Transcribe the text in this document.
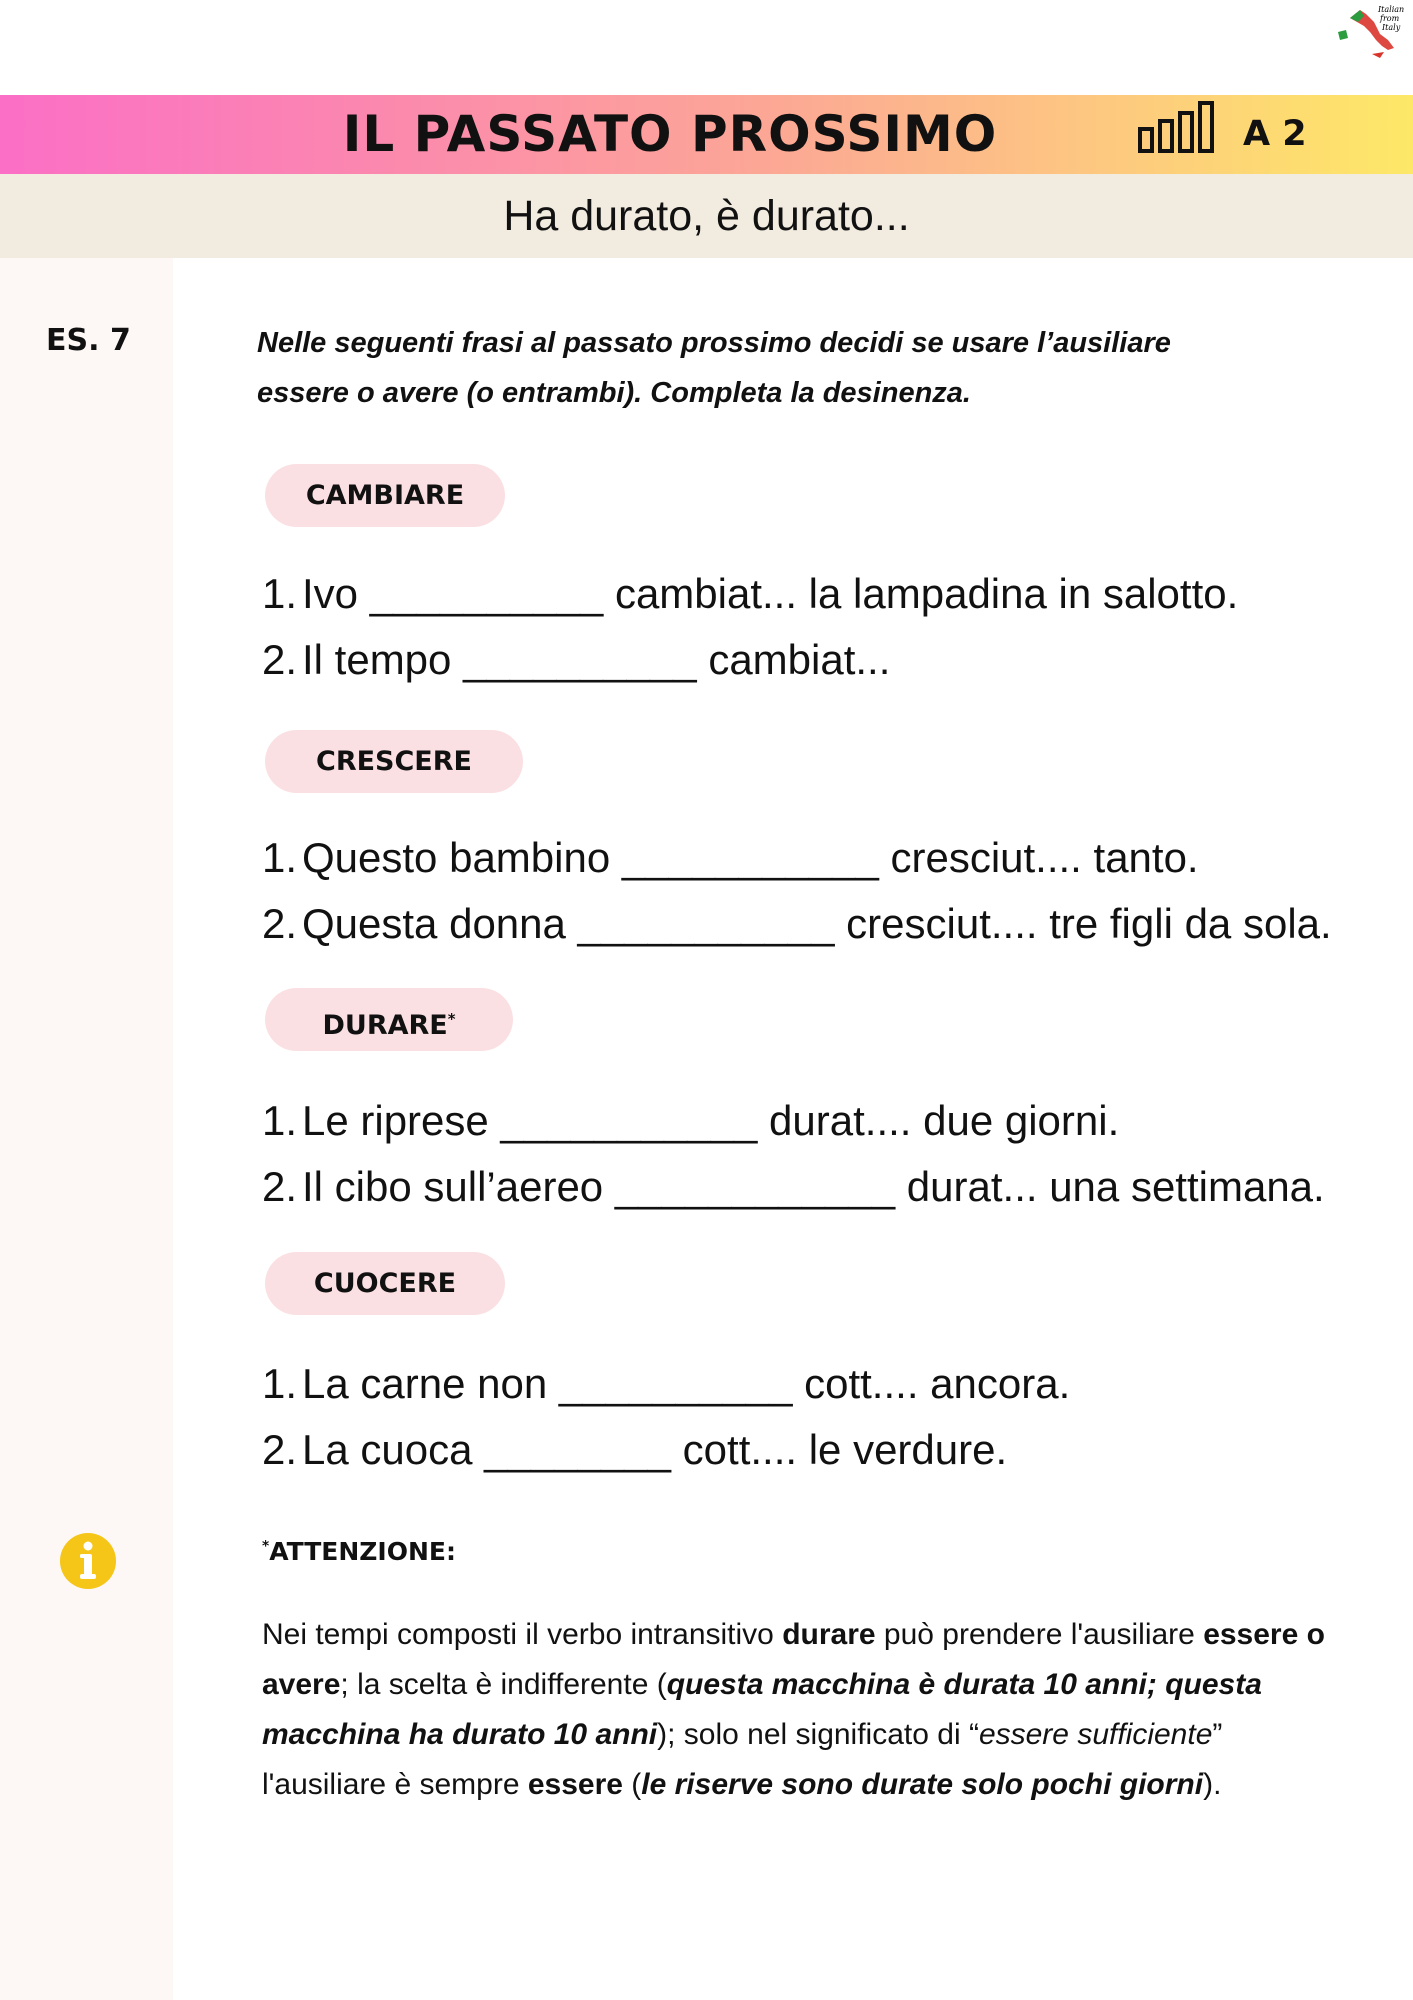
Italian
from
Italy
IL PASSATO PROSSIMO	A 2
Ha durato, è durato...
ES. 7	Nelle seguenti frasi al passato prossimo decidi se usare l’ausiliare
essere o avere (o entrambi). Completa la desinenza.
CAMBIARE
1. Ivo __________ cambiat... la lampadina in salotto.
2. Il tempo __________ cambiat...
CRESCERE
1. Questo bambino ___________ cresciut.... tanto.
2. Questa donna ___________ cresciut.... tre figli da sola.
DURARE*
1. Le riprese ___________ durat.... due giorni.
2. Il cibo sull’aereo ____________ durat... una settimana.
CUOCERE
1. La carne non __________ cott.... ancora.
2. La cuoca ________ cott.... le verdure.
*ATTENZIONE:
Nei tempi composti il verbo intransitivo durare può prendere l'ausiliare essere o avere; la scelta è indifferente (questa macchina è durata 10 anni; questa macchina ha durato 10 anni); solo nel significato di “essere sufficiente” l'ausiliare è sempre essere (le riserve sono durate solo pochi giorni).
